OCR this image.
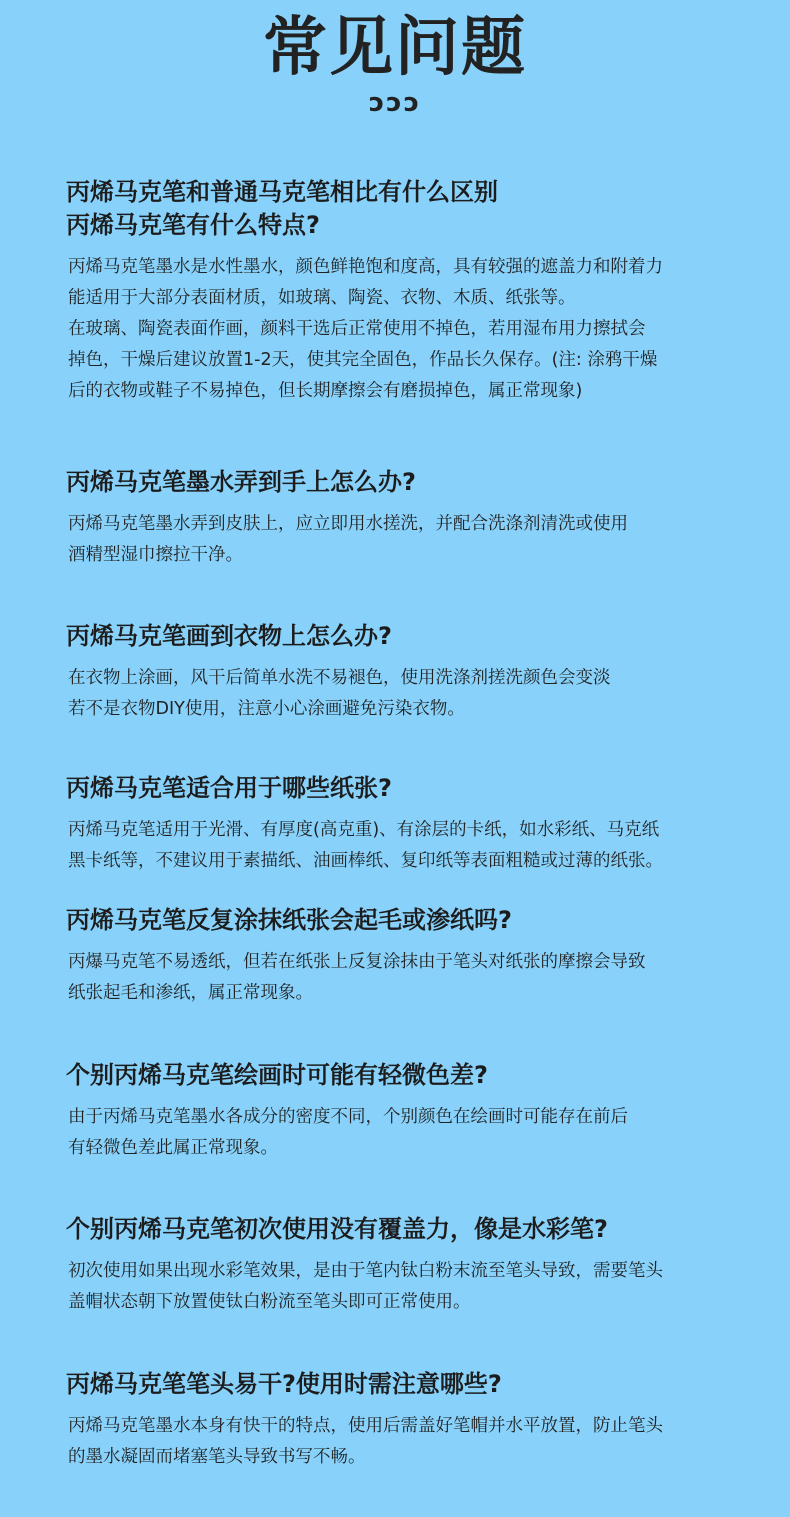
常见问题
ɔɔɔ
丙烯马克笔和普通马克笔相比有什么区别
丙烯马克笔有什么特点?
丙烯马克笔墨水是水性墨水，颜色鲜艳饱和度高，具有较强的遮盖力和附着力
能适用于大部分表面材质，如玻璃、陶瓷、衣物、木质、纸张等。
在玻璃、陶瓷表面作画，颜料干选后正常使用不掉色，若用湿布用力擦拭会
掉色，干燥后建议放置1-2天，使其完全固色，作品长久保存。(注: 涂鸦干燥
后的衣物或鞋子不易掉色，但长期摩擦会有磨损掉色，属正常现象)
丙烯马克笔墨水弄到手上怎么办?
丙烯马克笔墨水弄到皮肤上，应立即用水搓洗，并配合洗涤剂清洗或使用
酒精型湿巾擦拉干净。
丙烯马克笔画到衣物上怎么办?
在衣物上涂画，风干后简单水洗不易褪色，使用洗涤剂搓洗颜色会变淡
若不是衣物DIY使用，注意小心涂画避免污染衣物。
丙烯马克笔适合用于哪些纸张?
丙烯马克笔适用于光滑、有厚度(高克重)、有涂层的卡纸，如水彩纸、马克纸
黑卡纸等，不建议用于素描纸、油画棒纸、复印纸等表面粗糙或过薄的纸张。
丙烯马克笔反复涂抹纸张会起毛或渗纸吗?
丙爆马克笔不易透纸，但若在纸张上反复涂抹由于笔头对纸张的摩擦会导致
纸张起毛和渗纸，属正常现象。
个别丙烯马克笔绘画时可能有轻微色差?
由于丙烯马克笔墨水各成分的密度不同，个别颜色在绘画时可能存在前后
有轻微色差此属正常现象。
个别丙烯马克笔初次使用没有覆盖力，像是水彩笔?
初次使用如果出现水彩笔效果，是由于笔内钛白粉末流至笔头导致，需要笔头
盖帽状态朝下放置使钛白粉流至笔头即可正常使用。
丙烯马克笔笔头易干?使用时需注意哪些?
丙烯马克笔墨水本身有快干的特点，使用后需盖好笔帽并水平放置，防止笔头
的墨水凝固而堵塞笔头导致书写不畅。
